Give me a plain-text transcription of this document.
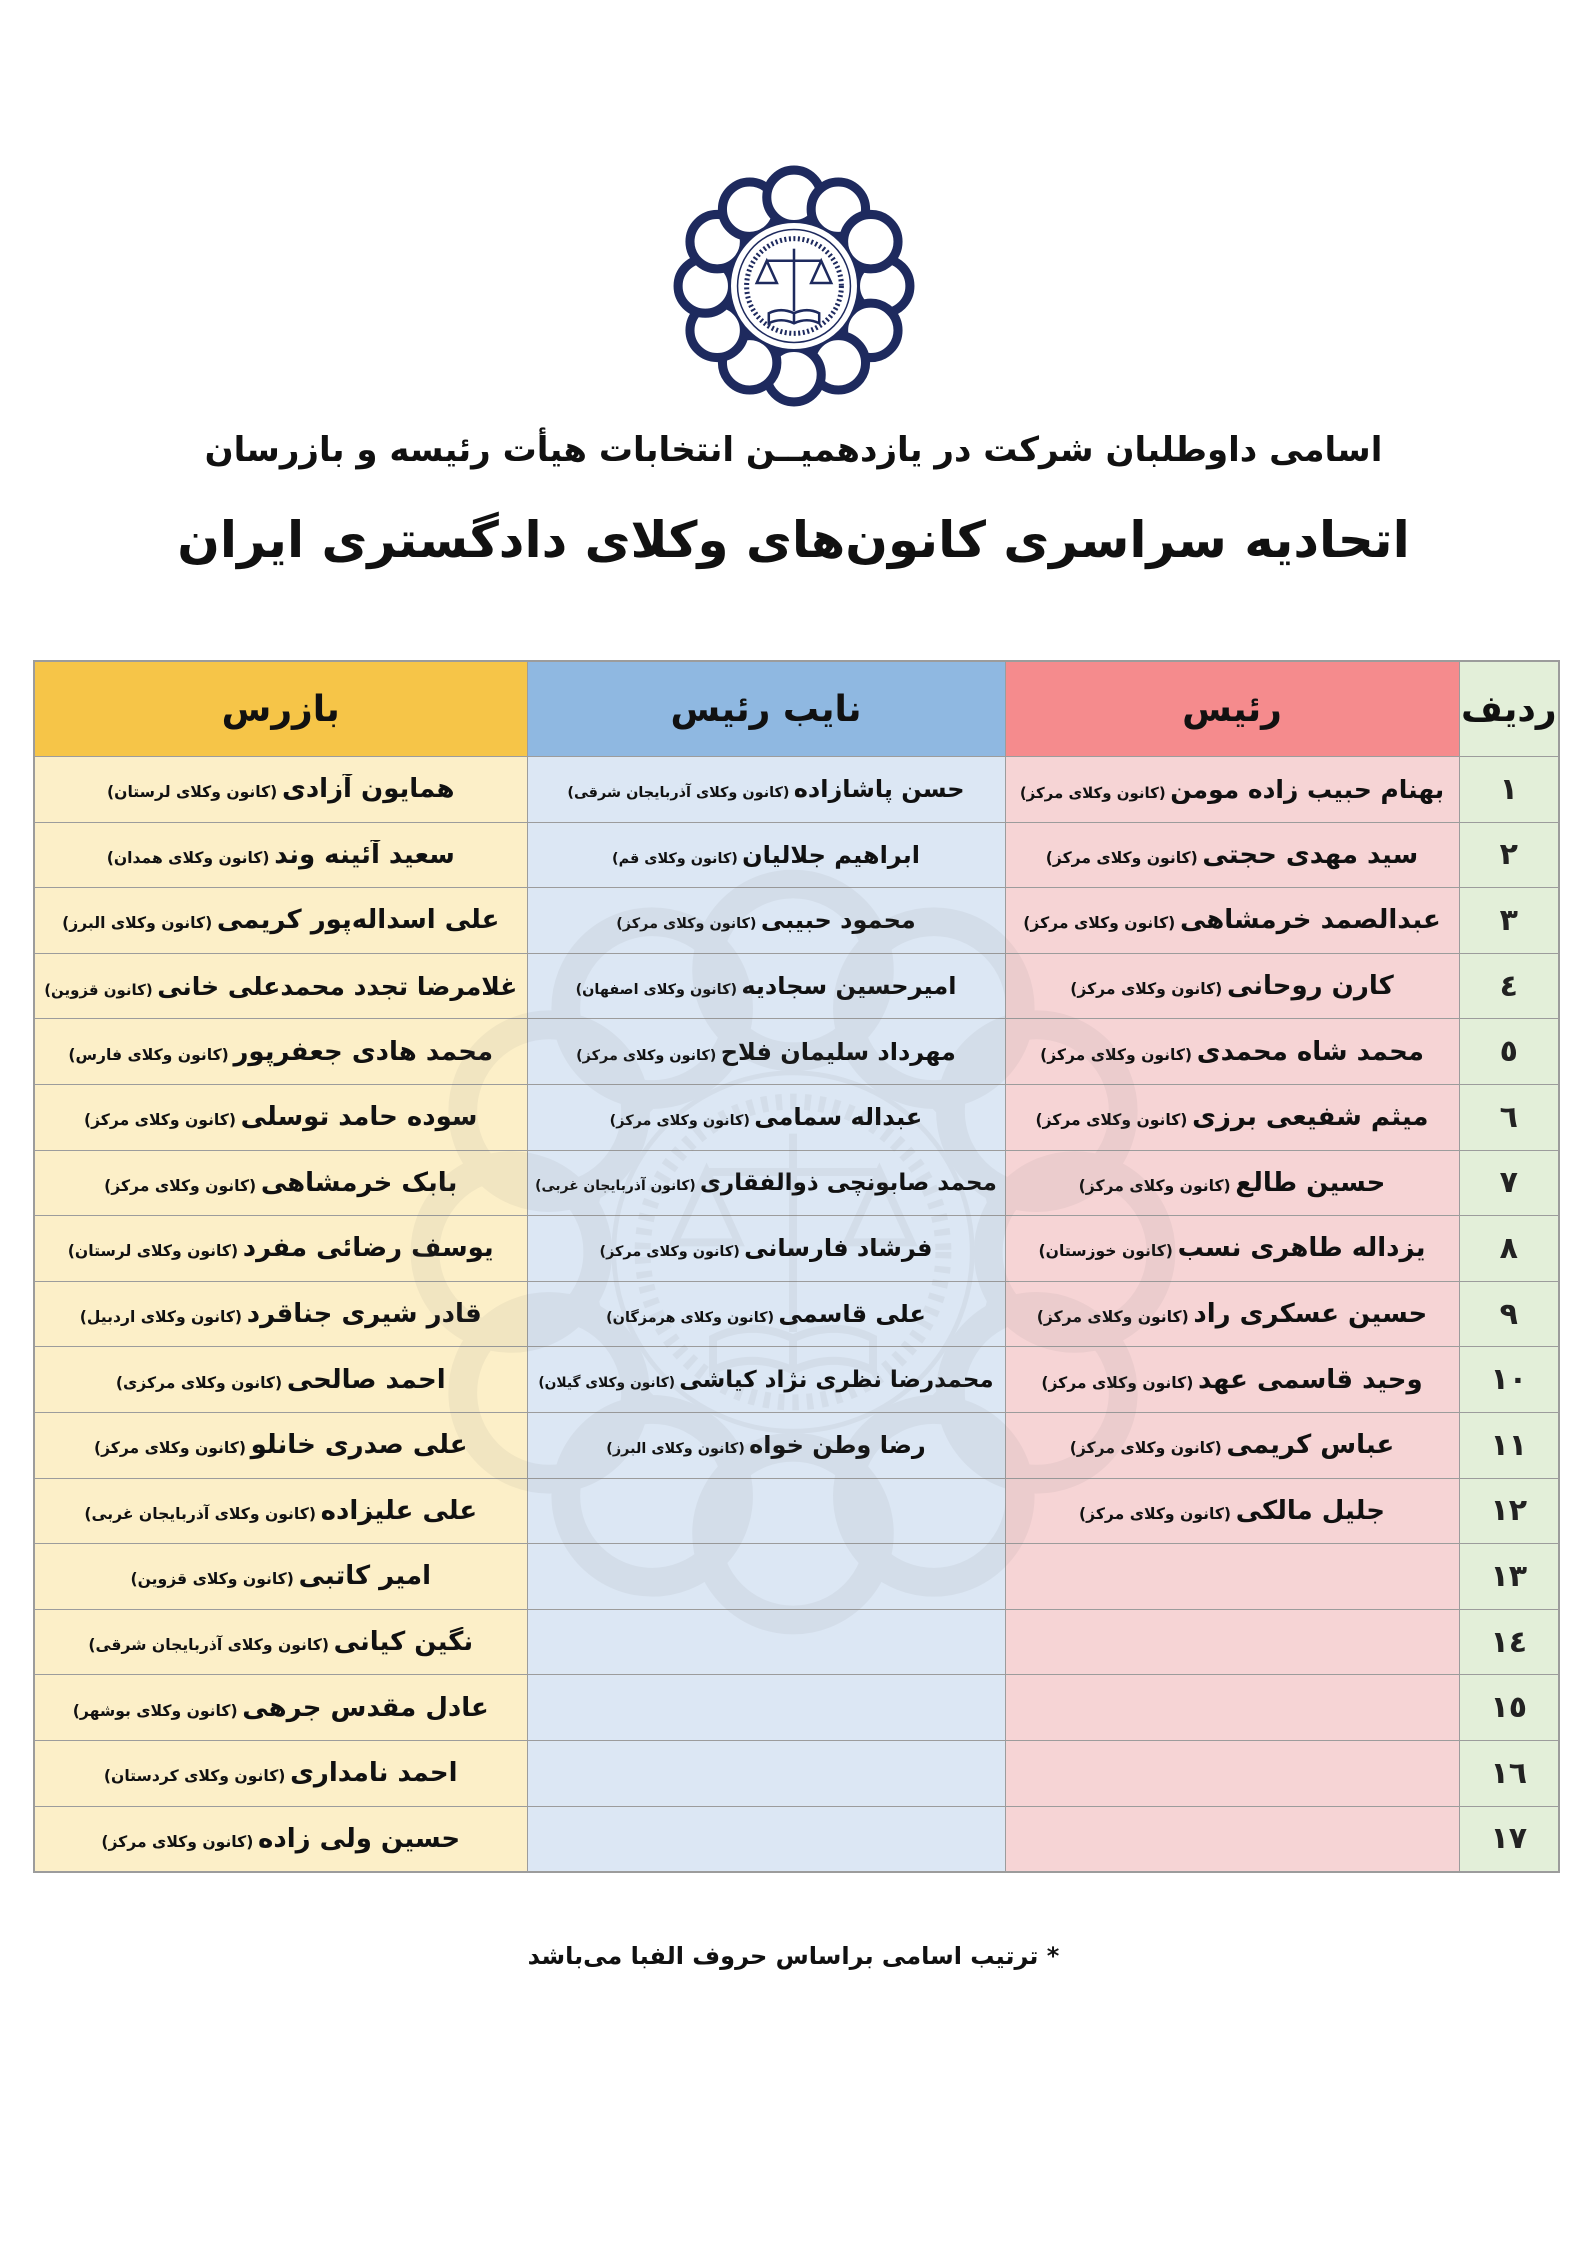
اسامی داوطلبان شرکت در یازدهمیــن انتخابات هیأت رئیسه و بازرسان
اتحادیه سراسری کانون‌های وکلای دادگستری ایران
ردیف	رئیس	نایب رئیس	بازرس
١	بهنام حبیب زاده مومن(کانون وکلای مرکز)	حسن پاشازاده(کانون وکلای آذربایجان شرقی)	همایون آزادی(کانون وکلای لرستان)

٢	سید مهدی حجتی(کانون وکلای مرکز)	ابراهیم جلالیان(کانون وکلای قم)	سعید آئینه وند(کانون وکلای همدان)

٣	عبدالصمد خرمشاهی(کانون وکلای مرکز)	محمود حبیبی(کانون وکلای مرکز)	علی اسداله‌پور کریمی(کانون وکلای البرز)

٤	کارن روحانی(کانون وکلای مرکز)	امیرحسین سجادیه(کانون وکلای اصفهان)	غلامرضا تجدد محمدعلی خانی(کانون قزوین)

٥	محمد شاه محمدی(کانون وکلای مرکز)	مهرداد سلیمان فلاح(کانون وکلای مرکز)	محمد هادی جعفرپور(کانون وکلای فارس)

٦	میثم شفیعی برزی(کانون وکلای مرکز)	عبداله سمامی(کانون وکلای مرکز)	سوده حامد توسلی(کانون وکلای مرکز)

٧	حسین طالع(کانون وکلای مرکز)	محمد صابونچی ذوالفقاری(کانون آذربایجان غربی)	بابک خرمشاهی(کانون وکلای مرکز)

٨	یزداله طاهری نسب(کانون خوزستان)	فرشاد فارسانی(کانون وکلای مرکز)	یوسف رضائی مفرد(کانون وکلای لرستان)

٩	حسین عسکری راد(کانون وکلای مرکز)	علی قاسمی(کانون وکلای هرمزگان)	قادر شیری جناقرد(کانون وکلای اردبیل)

١٠	وحید قاسمی عهد(کانون وکلای مرکز)	محمدرضا نظری نژاد کیاشی(کانون وکلای گیلان)	احمد صالحی(کانون وکلای مرکزی)

١١	عباس کریمی(کانون وکلای مرکز)	رضا وطن خواه(کانون وکلای البرز)	علی صدری خانلو(کانون وکلای مرکز)

١٢	جلیل مالکی(کانون وکلای مرکز)		علی علیزاده(کانون وکلای آذربایجان غربی)

١٣			امیر کاتبی(کانون وکلای قزوین)

١٤			نگین کیانی(کانون وکلای آذربایجان شرقی)

١٥			عادل مقدس جرهی(کانون وکلای بوشهر)

١٦			احمد نامداری(کانون وکلای کردستان)

١٧			حسین ولی زاده(کانون وکلای مرکز)
* ترتیب اسامی براساس حروف الفبا می‌باشد
